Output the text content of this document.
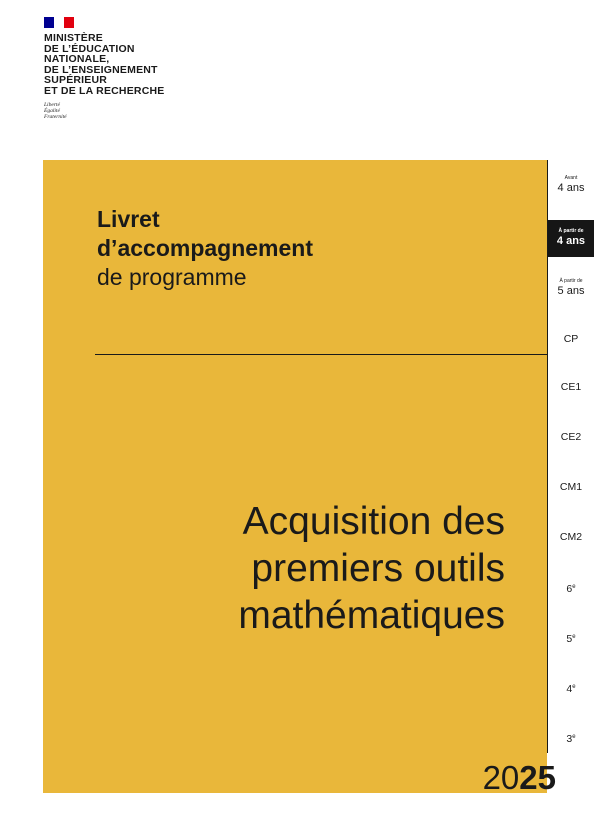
MINISTÈRE
DE L’ÉDUCATION
NATIONALE,
DE L’ENSEIGNEMENT
SUPÉRIEUR
ET DE LA RECHERCHE
Liberté
Égalité
Fraternité
Livret
d’accompagnement
de programme
Acquisition des
premiers outils
mathématiques
Avant
4 ans
À partir de
4 ans
À partir de
5 ans
CP
CE1
CE2
CM1
CM2
6e
5e
4e
3e
2025
